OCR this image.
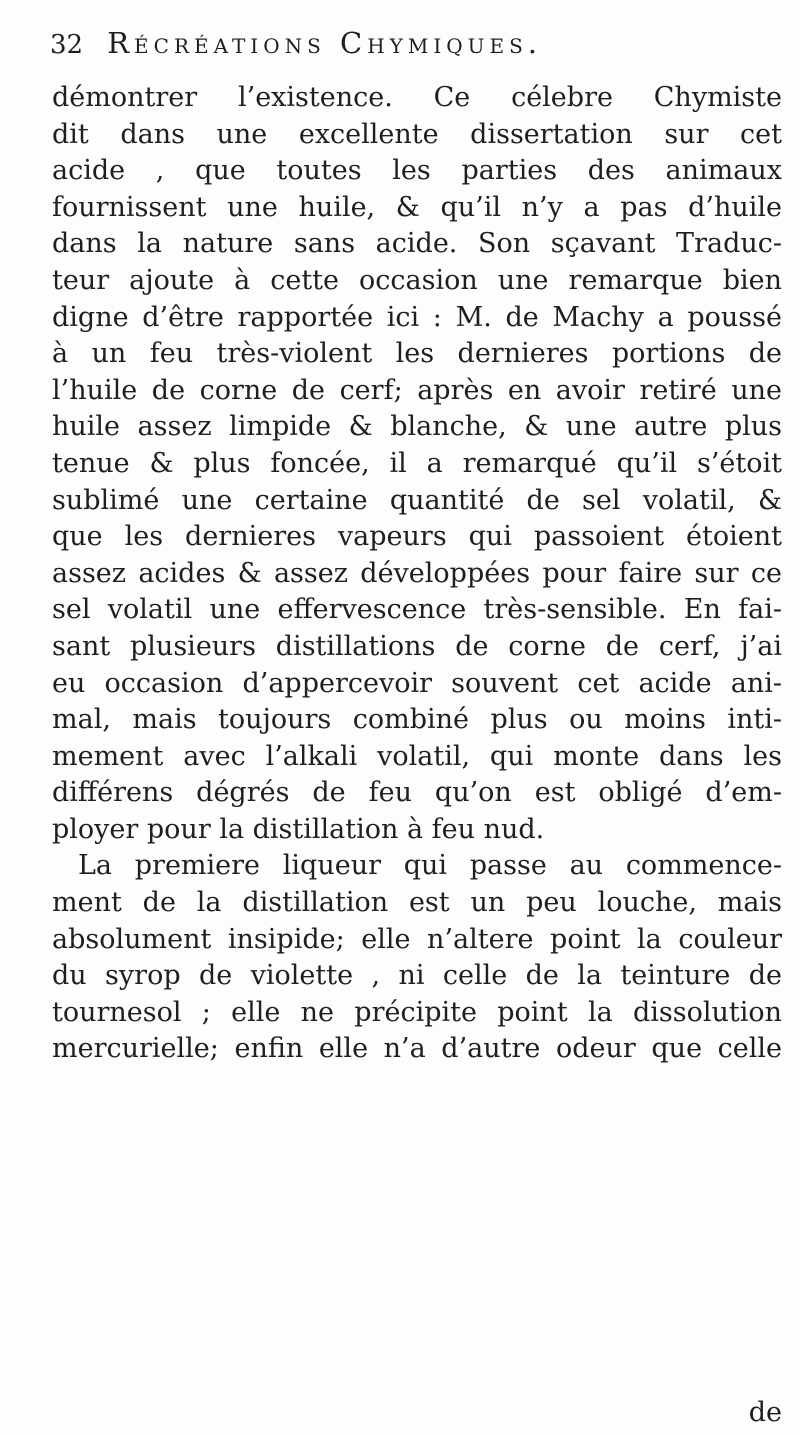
32 Récréations Chymiques.
démontrer l’existence. Ce célebre Chymiste
dit dans une excellente dissertation sur cet
acide , que toutes les parties des animaux
fournissent une huile, & qu’il n’y a pas d’huile
dans la nature sans acide. Son sçavant Traduc-
teur ajoute à cette occasion une remarque bien
digne d’être rapportée ici : M. de Machy a poussé
à un feu très-violent les dernieres portions de
l’huile de corne de cerf; après en avoir retiré une
huile assez limpide & blanche, & une autre plus
tenue & plus foncée, il a remarqué qu’il s’étoit
sublimé une certaine quantité de sel volatil, &
que les dernieres vapeurs qui passoient étoient
assez acides & assez développées pour faire sur ce
sel volatil une effervescence très-sensible. En fai-
sant plusieurs distillations de corne de cerf, j’ai
eu occasion d’appercevoir souvent cet acide ani-
mal, mais toujours combiné plus ou moins inti-
mement avec l’alkali volatil, qui monte dans les
différens dégrés de feu qu’on est obligé d’em-
ployer pour la distillation à feu nud.
La premiere liqueur qui passe au commence-
ment de la distillation est un peu louche, mais
absolument insipide; elle n’altere point la couleur
du syrop de violette , ni celle de la teinture de
tournesol ; elle ne précipite point la dissolution
mercurielle; enfin elle n’a d’autre odeur que celle
de
